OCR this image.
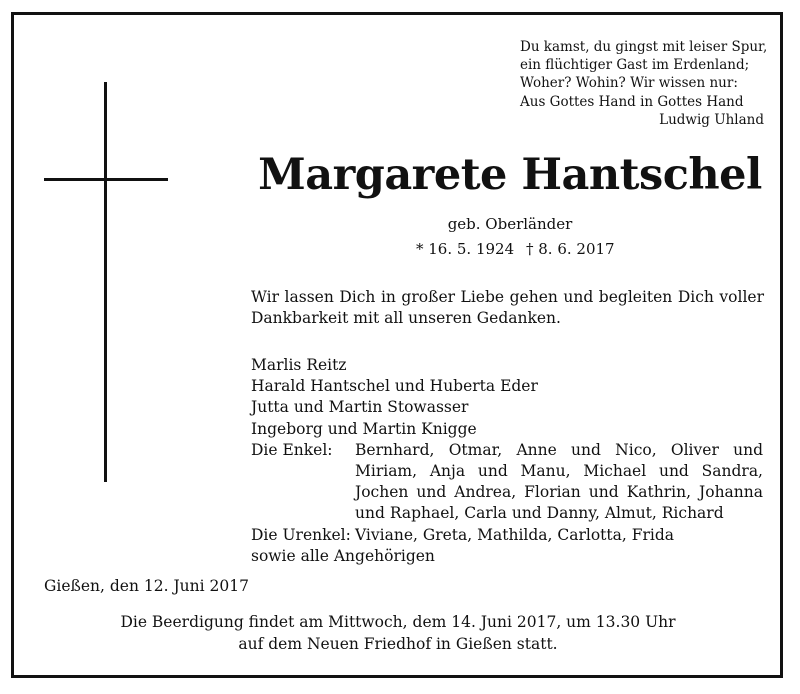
Du kamst, du gingst mit leiser Spur,
ein flüchtiger Gast im Erdenland;
Woher? Wohin? Wir wissen nur:
Aus Gottes Hand in Gottes Hand
Ludwig Uhland
Margarete Hantschel
geb. Oberländer
* 16. 5. 1924 † 8. 6. 2017
Wir lassen Dich in großer Liebe gehen und begleiten Dich voller Dankbarkeit mit all unseren Gedanken.
Marlis Reitz
Harald Hantschel und Huberta Eder
Jutta und Martin Stowasser
Ingeborg und Martin Knigge
Die Enkel:	Bernhard, Otmar, Anne und Nico, Oliver und Miriam, Anja und Manu, Michael und Sandra, Jochen und Andrea, Florian und Kathrin, Johanna und Raphael, Carla und Danny, Almut, Richard
Die Urenkel: Viviane, Greta, Mathilda, Carlotta, Frida
sowie alle Angehörigen
Gießen, den 12. Juni 2017
Die Beerdigung findet am Mittwoch, dem 14. Juni 2017, um 13.30 Uhr
auf dem Neuen Friedhof in Gießen statt.
